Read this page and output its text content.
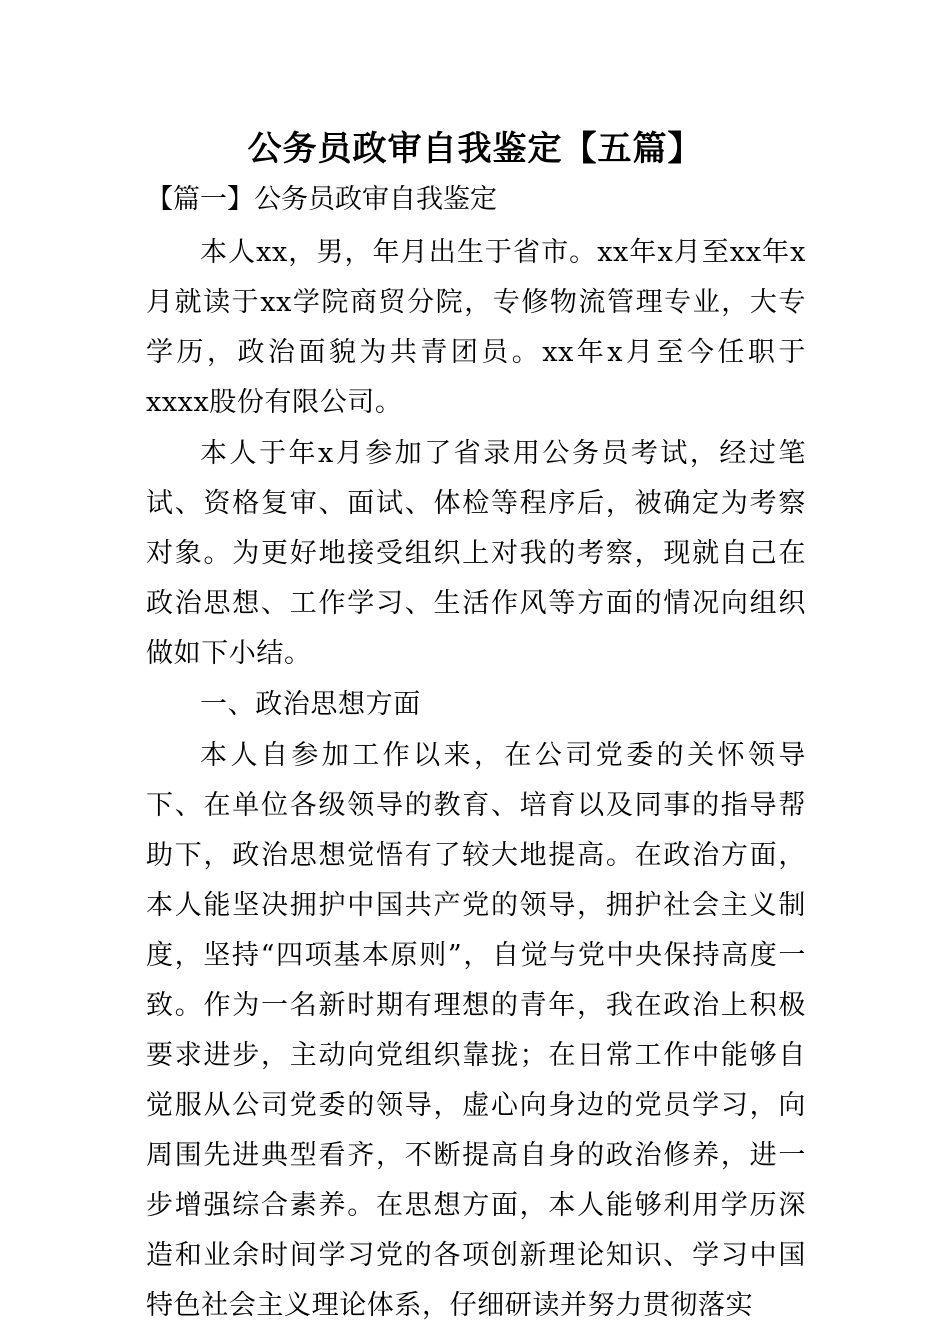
公务员政审自我鉴定【五篇】
【篇一】公务员政审自我鉴定

本人xx，男，年月出生于省市。xx年x月至xx年x月就读于xx学院商贸分院，专修物流管理专业，大专学历，政治面貌为共青团员。xx年x月至今任职于xxxx股份有限公司。

本人于年x月参加了省录用公务员考试，经过笔试、资格复审、面试、体检等程序后，被确定为考察对象。为更好地接受组织上对我的考察，现就自己在政治思想、工作学习、生活作风等方面的情况向组织做如下小结。

一、政治思想方面

本人自参加工作以来，在公司党委的关怀领导下、在单位各级领导的教育、培育以及同事的指导帮助下，政治思想觉悟有了较大地提高。在政治方面，本人能坚决拥护中国共产党的领导，拥护社会主义制度，坚持“四项基本原则”，自觉与党中央保持高度一致。作为一名新时期有理想的青年，我在政治上积极要求进步，主动向党组织靠拢；在日常工作中能够自觉服从公司党委的领导，虚心向身边的党员学习，向周围先进典型看齐，不断提高自身的政治修养，进一步增强综合素养。在思想方面，本人能够利用学历深造和业余时间学习党的各项创新理论知识、学习中国特色社会主义理论体系，仔细研读并努力贯彻落实
